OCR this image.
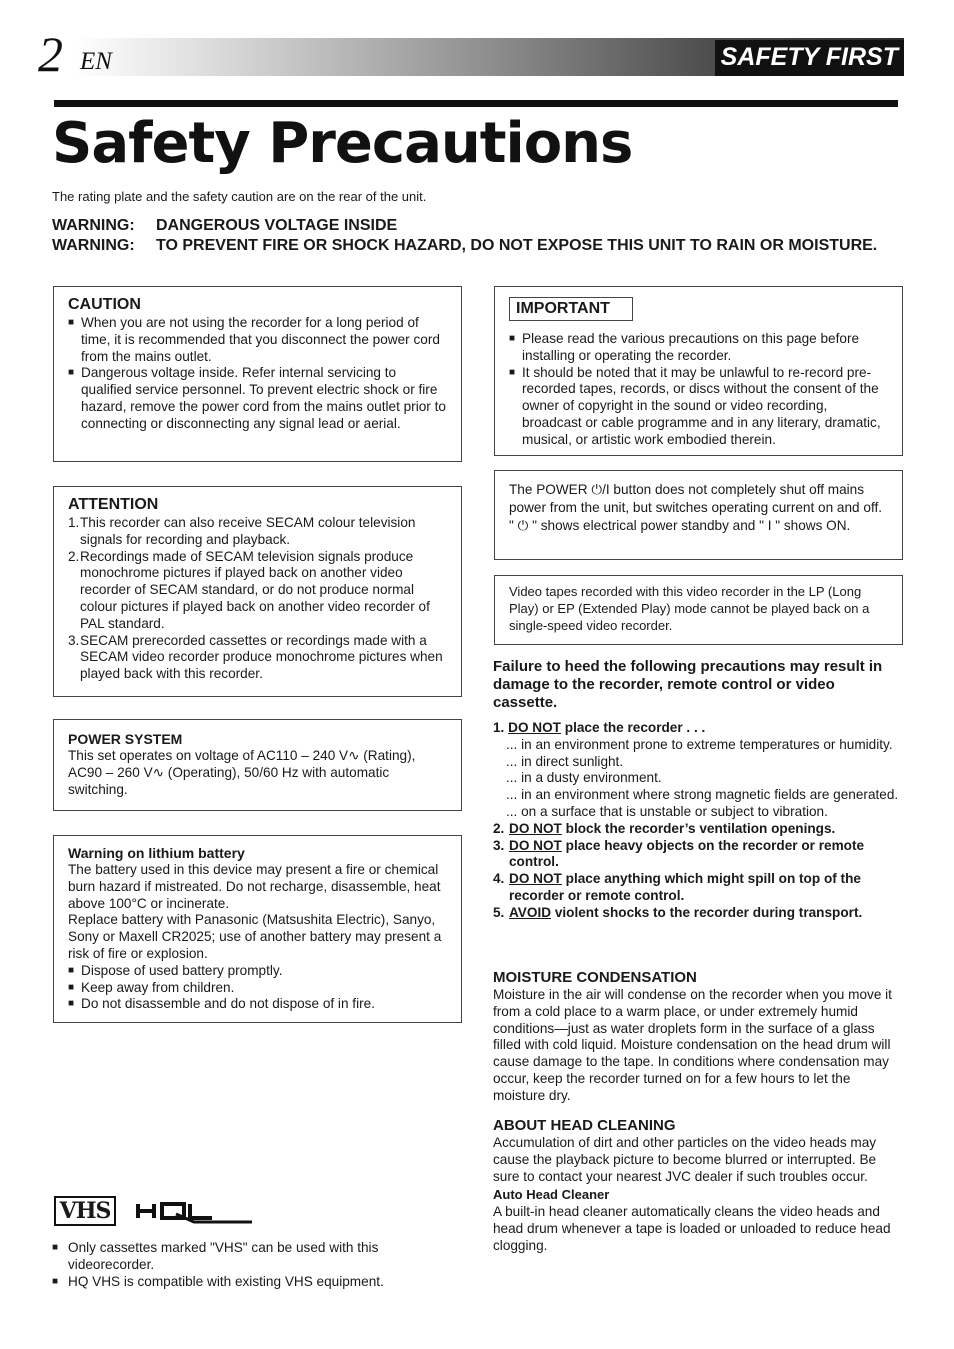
2 EN	SAFETY FIRST
Safety Precautions
The rating plate and the safety caution are on the rear of the unit.
WARNING:	DANGEROUS VOLTAGE INSIDE
WARNING:	TO PREVENT FIRE OR SHOCK HAZARD, DO NOT EXPOSE THIS UNIT TO RAIN OR MOISTURE.
CAUTION
■ When you are not using the recorder for a long period of time, it is recommended that you disconnect the power cord from the mains outlet.
■ Dangerous voltage inside. Refer internal servicing to qualified service personnel. To prevent electric shock or fire hazard, remove the power cord from the mains outlet prior to connecting or disconnecting any signal lead or aerial.
ATTENTION
1. This recorder can also receive SECAM colour television signals for recording and playback.
2. Recordings made of SECAM television signals produce monochrome pictures if played back on another video recorder of SECAM standard, or do not produce normal colour pictures if played back on another video recorder of PAL standard.
3. SECAM prerecorded cassettes or recordings made with a SECAM video recorder produce monochrome pictures when played back with this recorder.
POWER SYSTEM
This set operates on voltage of AC110 – 240 V∿ (Rating), AC90 – 260 V∿ (Operating), 50/60 Hz with automatic switching.
Warning on lithium battery
The battery used in this device may present a fire or chemical burn hazard if mistreated. Do not recharge, disassemble, heat above 100°C or incinerate.
Replace battery with Panasonic (Matsushita Electric), Sanyo, Sony or Maxell CR2025; use of another battery may present a risk of fire or explosion.
■ Dispose of used battery promptly.
■ Keep away from children.
■ Do not disassemble and do not dispose of in fire.
VHS
■ Only cassettes marked "VHS" can be used with this videorecorder.
■ HQ VHS is compatible with existing VHS equipment.
IMPORTANT
■ Please read the various precautions on this page before installing or operating the recorder.
■ It should be noted that it may be unlawful to re-record pre-recorded tapes, records, or discs without the consent of the owner of copyright in the sound or video recording, broadcast or cable programme and in any literary, dramatic, musical, or artistic work embodied therein.
The POWER ⏻/I button does not completely shut off mains power from the unit, but switches operating current on and off. " ⏻ " shows electrical power standby and " I " shows ON.
Video tapes recorded with this video recorder in the LP (Long Play) or EP (Extended Play) mode cannot be played back on a single-speed video recorder.
Failure to heed the following precautions may result in damage to the recorder, remote control or video cassette.
1. DO NOT place the recorder . . .
... in an environment prone to extreme temperatures or humidity.
... in direct sunlight.
... in a dusty environment.
... in an environment where strong magnetic fields are generated.
... on a surface that is unstable or subject to vibration.
2. DO NOT block the recorder’s ventilation openings.
3. DO NOT place heavy objects on the recorder or remote control.
4. DO NOT place anything which might spill on top of the recorder or remote control.
5. AVOID violent shocks to the recorder during transport.
MOISTURE CONDENSATION
Moisture in the air will condense on the recorder when you move it from a cold place to a warm place, or under extremely humid conditions—just as water droplets form in the surface of a glass filled with cold liquid. Moisture condensation on the head drum will cause damage to the tape. In conditions where condensation may occur, keep the recorder turned on for a few hours to let the moisture dry.
ABOUT HEAD CLEANING
Accumulation of dirt and other particles on the video heads may cause the playback picture to become blurred or interrupted. Be sure to contact your nearest JVC dealer if such troubles occur.
Auto Head Cleaner
A built-in head cleaner automatically cleans the video heads and head drum whenever a tape is loaded or unloaded to reduce head clogging.
